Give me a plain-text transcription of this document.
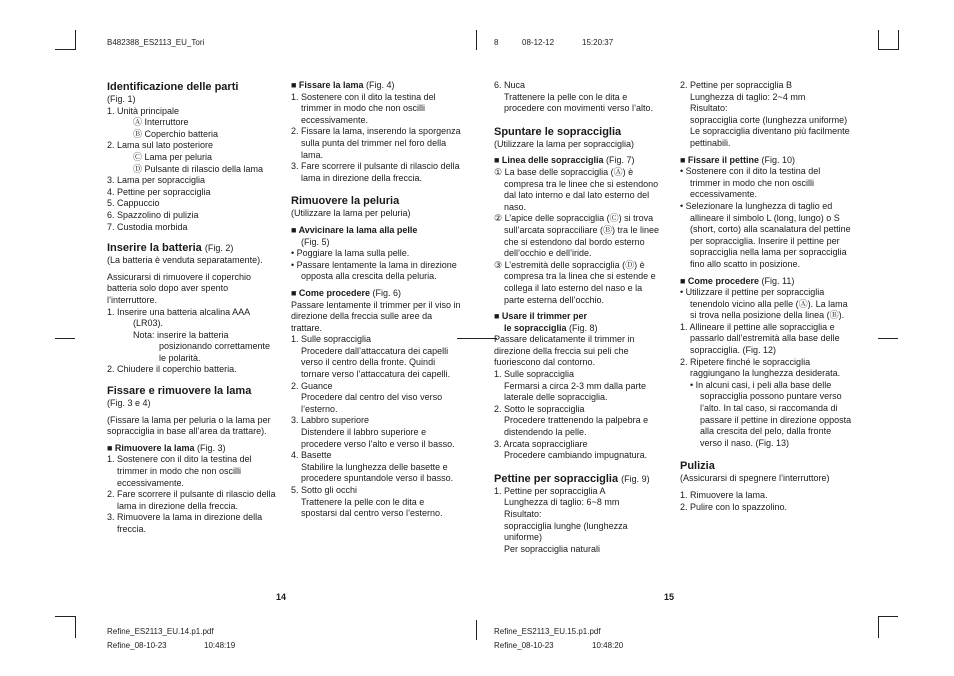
B482388_ES2113_EU_Tori	8	08-12-12	15:20:37
Refine_ES2113_EU.14.p1.pdf
Refine_08-10-23	10:48:19
Refine_ES2113_EU.15.p1.pdf
Refine_08-10-23	10:48:20
14	15

Identificazione delle parti

(Fig. 1)

1. Unità principale

Ⓐ Interruttore

Ⓑ Coperchio batteria

2. Lama sul lato posteriore

Ⓒ Lama per peluria

Ⓓ Pulsante di rilascio della lama

3. Lama per sopracciglia

4. Pettine per sopracciglia

5. Cappuccio

6. Spazzolino di pulizia

7. Custodia morbida

Inserire la batteria (Fig. 2)

(La batteria è venduta separatamente).

Assicurarsi di rimuovere il coperchio batteria solo dopo aver spento l’interruttore.

1. Inserire una batteria alcalina AAA

(LR03).

Nota: inserire la batteria

posizionando correttamente

le polarità.

2. Chiudere il coperchio batteria.

Fissare e rimuovere la lama

(Fig. 3 e 4)

(Fissare la lama per peluria o la lama per sopracciglia in base all’area da trattare).

■ Rimuovere la lama (Fig. 3)

1. Sostenere con il dito la testina del trimmer in modo che non oscilli eccessivamente.

2. Fare scorrere il pulsante di rilascio della lama in direzione della freccia.

3. Rimuovere la lama in direzione della freccia.

■ Fissare la lama (Fig. 4)

1. Sostenere con il dito la testina del trimmer in modo che non oscilli eccessivamente.

2. Fissare la lama, inserendo la sporgenza sulla punta del trimmer nel foro della lama.

3. Fare scorrere il pulsante di rilascio della lama in direzione della freccia.

Rimuovere la peluria

(Utilizzare la lama per peluria)

■ Avvicinare la lama alla pelle

(Fig. 5)

• Poggiare la lama sulla pelle.

• Passare lentamente la lama in direzione opposta alla crescita della peluria.

■ Come procedere (Fig. 6)

Passare lentamente il trimmer per il viso in direzione della freccia sulle aree da trattare.

1. Sulle sopracciglia

Procedere dall’attaccatura dei capelli verso il centro della fronte. Quindi tornare verso l’attaccatura dei capelli.

2. Guance

Procedere dal centro del viso verso l’esterno.

3. Labbro superiore

Distendere il labbro superiore e procedere verso l’alto e verso il basso.

4. Basette

Stabilire la lunghezza delle basette e procedere spuntandole verso il basso.

5. Sotto gli occhi

Trattenere la pelle con le dita e spostarsi dal centro verso l’esterno.

6. Nuca

Trattenere la pelle con le dita e procedere con movimenti verso l’alto.

Spuntare le sopracciglia

(Utilizzare la lama per sopracciglia)

■ Linea delle sopracciglia (Fig. 7)

① La base delle sopracciglia (Ⓐ) è compresa tra le linee che si estendono dal lato interno e dal lato esterno del naso.

② L’apice delle sopracciglia (Ⓒ) si trova sull’arcata sopracciliare (Ⓑ) tra le linee che si estendono dal bordo esterno dell’occhio e dell’iride.

③ L’estremità delle sopracciglia (Ⓓ) è compresa tra la linea che si estende e collega il lato esterno del naso e la parte esterna dell’occhio.

■ Usare il trimmer per

le sopracciglia (Fig. 8)

Passare delicatamente il trimmer in direzione della freccia sui peli che fuoriescono dal contorno.

1. Sulle sopracciglia

Fermarsi a circa 2-3 mm dalla parte laterale delle sopracciglia.

2. Sotto le sopracciglia

Procedere trattenendo la palpebra e distendendo la pelle.

3. Arcata sopraccigliare

Procedere cambiando impugnatura.

Pettine per sopracciglia (Fig. 9)

1. Pettine per sopracciglia A

Lunghezza di taglio: 6~8 mm

Risultato:

sopracciglia lunghe (lunghezza uniforme)

Per sopracciglia naturali

2. Pettine per sopracciglia B

Lunghezza di taglio: 2~4 mm

Risultato:

sopracciglia corte (lunghezza uniforme)

Le sopracciglia diventano più facilmente pettinabili.

■ Fissare il pettine (Fig. 10)

• Sostenere con il dito la testina del trimmer in modo che non oscilli eccessivamente.

• Selezionare la lunghezza di taglio ed allineare il simbolo L (long, lungo) o S (short, corto) alla scanalatura del pettine per sopracciglia. Inserire il pettine per sopracciglia nella lama per sopracciglia fino allo scatto in posizione.

■ Come procedere (Fig. 11)

• Utilizzare il pettine per sopracciglia tenendolo vicino alla pelle (Ⓐ). La lama si trova nella posizione della linea (Ⓑ).

1. Allineare il pettine alle sopracciglia e passarlo dall’estremità alla base delle sopracciglia. (Fig. 12)

2. Ripetere finché le sopracciglia raggiungano la lunghezza desiderata.

• In alcuni casi, i peli alla base delle sopracciglia possono puntare verso l’alto. In tal caso, si raccomanda di passare il pettine in direzione opposta alla crescita del pelo, dalla fronte verso il naso. (Fig. 13)

Pulizia

(Assicurarsi di spegnere l’interruttore)

1. Rimuovere la lama.

2. Pulire con lo spazzolino.
